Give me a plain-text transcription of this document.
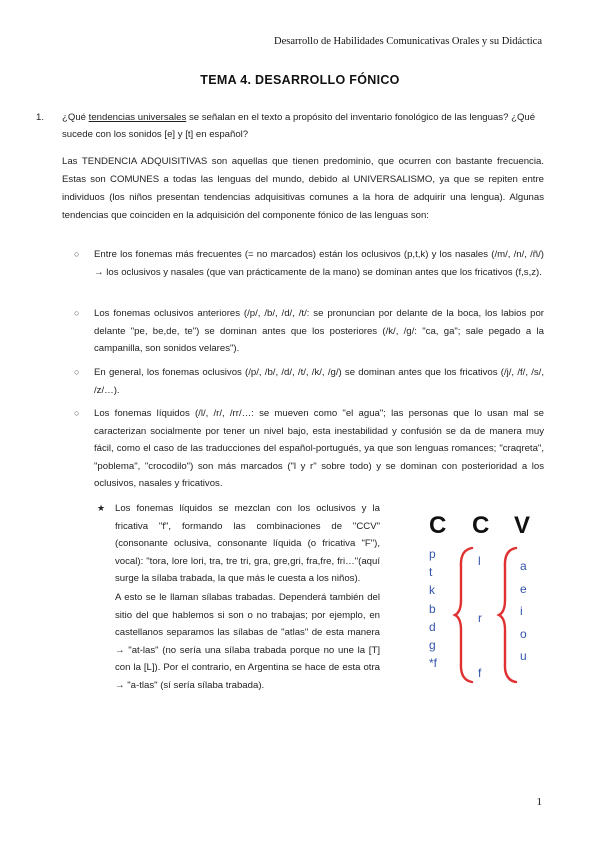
Desarrollo de Habilidades Comunicativas Orales y su Didáctica
TEMA 4. DESARROLLO FÓNICO
1. ¿Qué tendencias universales se señalan en el texto a propósito del inventario fonológico de las lenguas? ¿Qué sucede con los sonidos [e] y [t] en español?
Las TENDENCIA ADQUISITIVAS son aquellas que tienen predominio, que ocurren con bastante frecuencia. Estas son COMUNES a todas las lenguas del mundo, debido al UNIVERSALISMO, ya que se repiten entre individuos (los niños presentan tendencias adquisitivas comunes a la hora de adquirir una lengua). Algunas tendencias que coinciden en la adquisición del componente fónico de las lenguas son:
○ Entre los fonemas más frecuentes (= no marcados) están los oclusivos (p,t,k) y los nasales (/m/, /n/, /ñ/) → los oclusivos y nasales (que van prácticamente de la mano) se dominan antes que los fricativos (f,s,z).
○ Los fonemas oclusivos anteriores (/p/, /b/, /d/, /t/: se pronuncian por delante de la boca, los labios por delante "pe, be,de, te") se dominan antes que los posteriores (/k/, /g/: "ca, ga"; sale pegado a la campanilla, son sonidos velares").
○ En general, los fonemas oclusivos (/p/, /b/, /d/, /t/, /k/, /g/) se dominan antes que los fricativos (/j/, /f/, /s/, /z/…).
○ Los fonemas líquidos (/l/, /r/, /rr/…: se mueven como "el agua"; las personas que lo usan mal se caracterizan socialmente por tener un nivel bajo, esta inestabilidad y confusión se da de manera muy fácil, como el caso de las traducciones del español-portugués, ya que son lenguas romances; "craqreta", "poblema", "crocodilo") son más marcados ("l y r" sobre todo) y se dominan con posterioridad a los oclusivos, nasales y fricativos.
★ Los fonemas líquidos se mezclan con los oclusivos y la fricativa "f", formando las combinaciones de "CCV" (consonante oclusiva, consonante líquida (o fricativa "F"), vocal): "tora, lore lori, tra, tre tri, gra, gre,gri, fra,fre, fri…"(aquí surge la sílaba trabada, la que más le cuesta a los niños).
A esto se le llaman sílabas trabadas. Dependerá también del sitio del que hablemos si son o no trabajas; por ejemplo, en castellanos separamos las sílabas de "atlas" de esta manera → "at-las" (no sería una sílaba trabada porque no une la [T] con la [L]). Por el contrario, en Argentina se hace de esta otra → "a-tlas" (sí sería sílaba trabada).
C C V
p
t
k
b
d
g
*f
l
r
f
a
e
i
o
u
1
